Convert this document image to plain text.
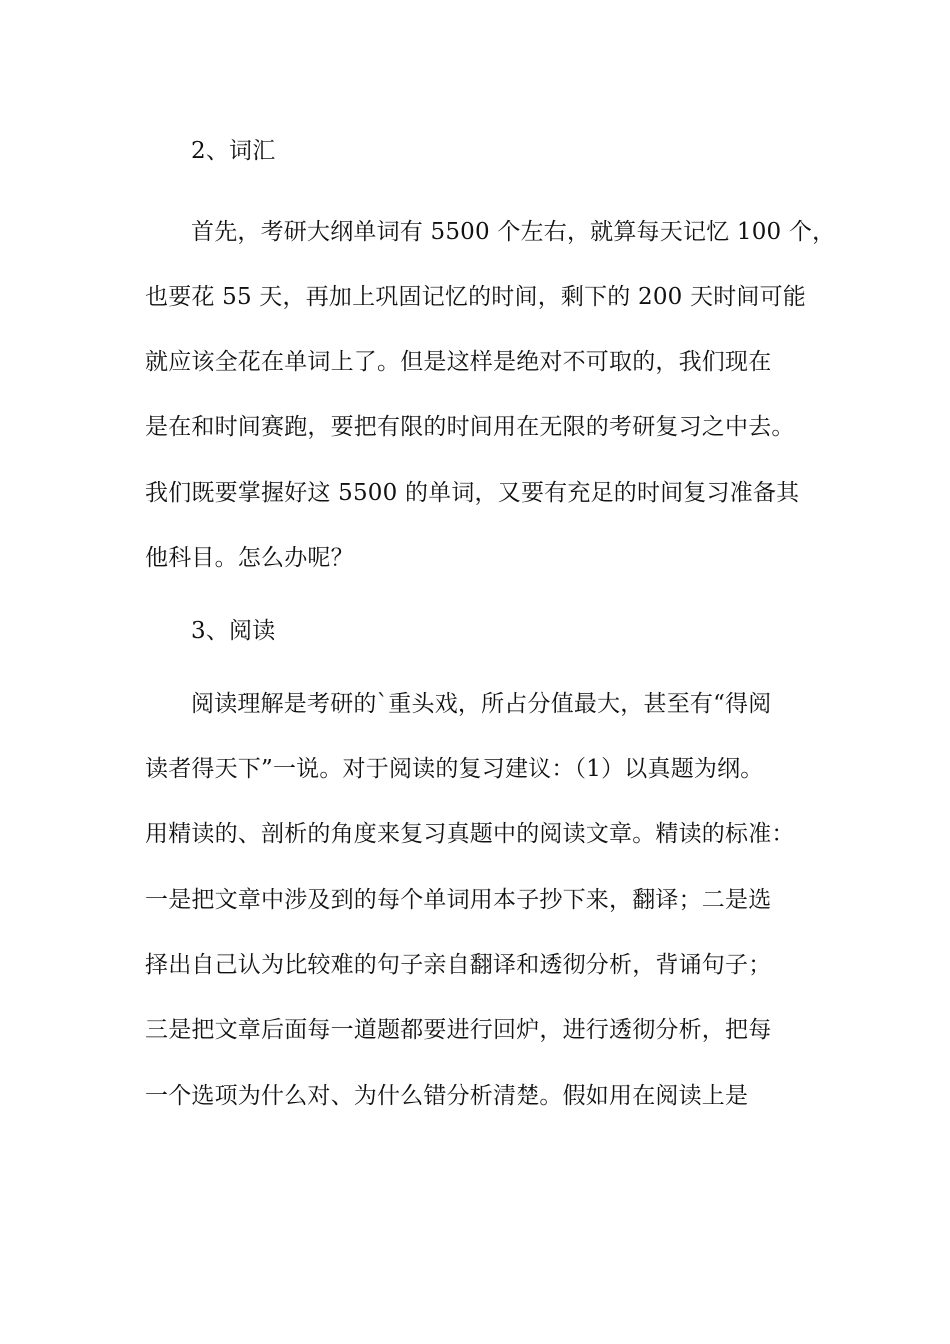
2、词汇
首先，考研大纲单词有 5500 个左右，就算每天记忆 100 个，
也要花 55 天，再加上巩固记忆的时间，剩下的 200 天时间可能
就应该全花在单词上了。但是这样是绝对不可取的，我们现在
是在和时间赛跑，要把有限的时间用在无限的考研复习之中去。
我们既要掌握好这 5500 的单词，又要有充足的时间复习准备其
他科目。怎么办呢？
3、阅读
阅读理解是考研的`重头戏，所占分值最大，甚至有“得阅
读者得天下”一说。对于阅读的复习建议：（1）以真题为纲。
用精读的、剖析的角度来复习真题中的阅读文章。精读的标准：
一是把文章中涉及到的每个单词用本子抄下来，翻译；二是选
择出自己认为比较难的句子亲自翻译和透彻分析，背诵句子；
三是把文章后面每一道题都要进行回炉，进行透彻分析，把每
一个选项为什么对、为什么错分析清楚。假如用在阅读上是
